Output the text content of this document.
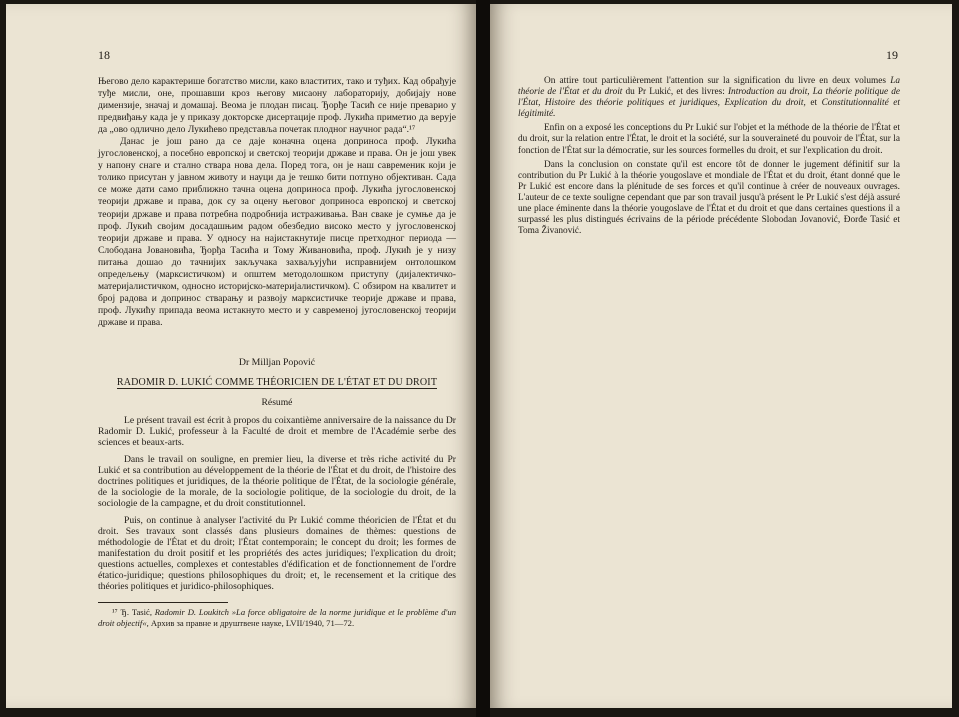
18

Његово дело карактерише богатство мисли, како властитих, тако и туђих. Кад обрађује туђе мисли, оне, прошавши кроз његову мисаону лабораторију, добијају нове димензије, значај и домашај. Веома је плодан писац. Ђорђе Тасић се није преварио у предвиђању када је у приказу докторске дисертације проф. Лукића приметио да верује да „ово одлично дело Лукићево представља почетак плодног научног рада“.¹⁷

Данас је још рано да се даје коначна оцена доприноса проф. Лукића југословенској, а посебно европској и светској теорији државе и права. Он је још увек у напону снаге и стално ствара нова дела. Поред тога, он је наш савременик који је толико присутан у јавном животу и науци да је тешко бити потпуно објективан. Сада се може дати само приближно тачна оцена доприноса проф. Лукића југословенској теорији државе и права, док су за оцену његовог доприноса европској и светској теорији државе и права потребна подробнија истраживања. Ван сваке је сумње да је проф. Лукић својим досадашњим радом обезбедио високо место у југословенској теорији државе и права. У односу на најистакнутије писце претходног периода — Слободана Јовановића, Ђорђа Тасића и Тому Живановића, проф. Лукић је у низу питања дошао до тачнијих закључака захваљујући исправнијем онтолошком опредељењу (марксистичком) и општем методолошком приступу (дијалектичко-материјалистичком, односно историјско-материјалистичком). С обзиром на квалитет и број радова и допринос стварању и развоју марксистичке теорије државе и права, проф. Лукићу припада веома истакнуто место и у савременој југословенској теорији државе и права.

Dr Milljan Popović

RADOMIR D. LUKIĆ COMME THÉORICIEN DE L'ÉTAT ET DU DROIT

Résumé

Le présent travail est écrit à propos du coixantième anniversaire de la naissance du Dr Radomir D. Lukić, professeur à la Faculté de droit et membre de l'Académie serbe des sciences et beaux-arts.

Dans le travail on souligne, en premier lieu, la diverse et très riche activité du Pr Lukić et sa contribution au développement de la théorie de l'État et du droit, de l'histoire des doctrines politiques et juridiques, de la théorie politique de l'État, de la sociologie générale, de la sociologie de la morale, de la sociologie politique, de la sociologie du droit, de la sociologie de la campagne, et du droit constitutionnel.

Puis, on continue à analyser l'activité du Pr Lukić comme théoricien de l'État et du droit. Ses travaux sont classés dans plusieurs domaines de thèmes: questions de méthodologie de l'État et du droit; l'État contemporain; le concept du droit; les formes de manifestation du droit positif et les propriétés des actes juridiques; l'explication du droit; questions actuelles, complexes et contestables d'édification et de fonctionnement de l'ordre étatico-juridique; questions philosophiques du droit; et, le recensement et la critique des théories politiques et juridico-philosophiques.

¹⁷ Ђ. Tasić, Radomir D. Loukitch »La force obligatoire de la norme juridique et le problème d'un droit objectif«, Архив за правне и друштвене науке, LVII/1940, 71—72.

19

On attire tout particulièrement l'attention sur la signification du livre en deux volumes La théorie de l'État et du droit du Pr Lukić, et des livres: Introduction au droit, La théorie politique de l'État, Histoire des théorie politiques et juridiques, Explication du droit, et Constitutionnalité et légitimité.

Enfin on a exposé les conceptions du Pr Lukić sur l'objet et la méthode de la théorie de l'État et du droit, sur la relation entre l'État, le droit et la société, sur la souveraineté du pouvoir de l'État, sur la fonction de l'État sur la démocratie, sur les sources formelles du droit, et sur l'explication du droit.

Dans la conclusion on constate qu'il est encore tôt de donner le jugement définitif sur la contribution du Pr Lukić à la théorie yougoslave et mondiale de l'État et du droit, étant donné que le Pr Lukić est encore dans la plénitude de ses forces et qu'il continue à créer de nouveaux ouvrages. L'auteur de ce texte souligne cependant que par son travail jusqu'à présent le Pr Lukić s'est déjà assuré une place éminente dans la théorie yougoslave de l'État et du droit et que dans certaines questions il a surpassé les plus distingués écrivains de la période précédente Slobodan Jovanović, Đorđe Tasić et Toma Živanović.
